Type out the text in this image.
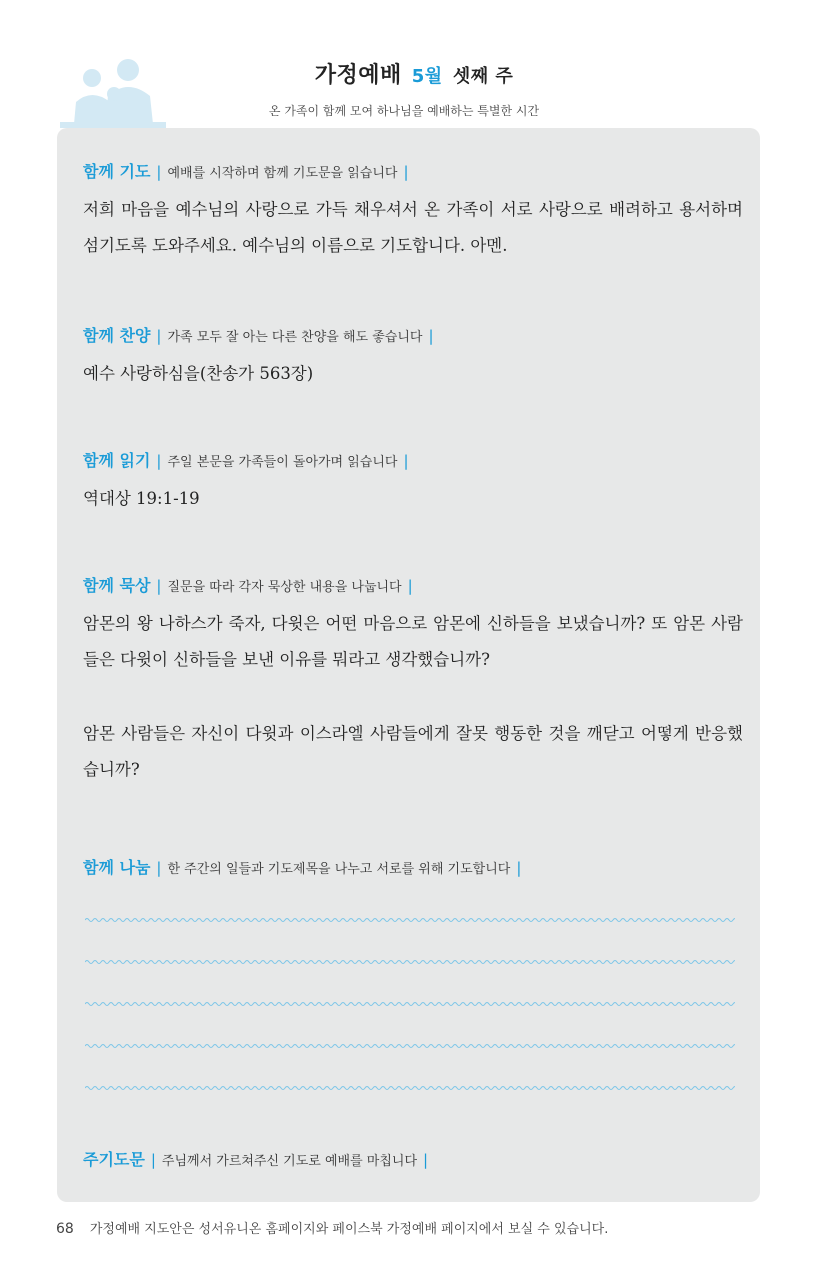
가정예배 5월 셋째 주
온 가족이 함께 모여 하나님을 예배하는 특별한 시간
함께 기도 | 예배를 시작하며 함께 기도문을 읽습니다 |
저희 마음을 예수님의 사랑으로 가득 채우셔서 온 가족이 서로 사랑으로 배려하고 용서하며 섬기도록 도와주세요. 예수님의 이름으로 기도합니다. 아멘.
함께 찬양 | 가족 모두 잘 아는 다른 찬양을 해도 좋습니다 |
예수 사랑하심을(찬송가 563장)
함께 읽기 | 주일 본문을 가족들이 돌아가며 읽습니다 |
역대상 19:1-19
함께 묵상 | 질문을 따라 각자 묵상한 내용을 나눕니다 |
암몬의 왕 나하스가 죽자, 다윗은 어떤 마음으로 암몬에 신하들을 보냈습니까? 또 암몬 사람들은 다윗이 신하들을 보낸 이유를 뭐라고 생각했습니까?
암몬 사람들은 자신이 다윗과 이스라엘 사람들에게 잘못 행동한 것을 깨닫고 어떻게 반응했습니까?
함께 나눔 | 한 주간의 일들과 기도제목을 나누고 서로를 위해 기도합니다 |
주기도문 | 주님께서 가르쳐주신 기도로 예배를 마칩니다 |
68 가정예배 지도안은 성서유니온 홈페이지와 페이스북 가정예배 페이지에서 보실 수 있습니다.
